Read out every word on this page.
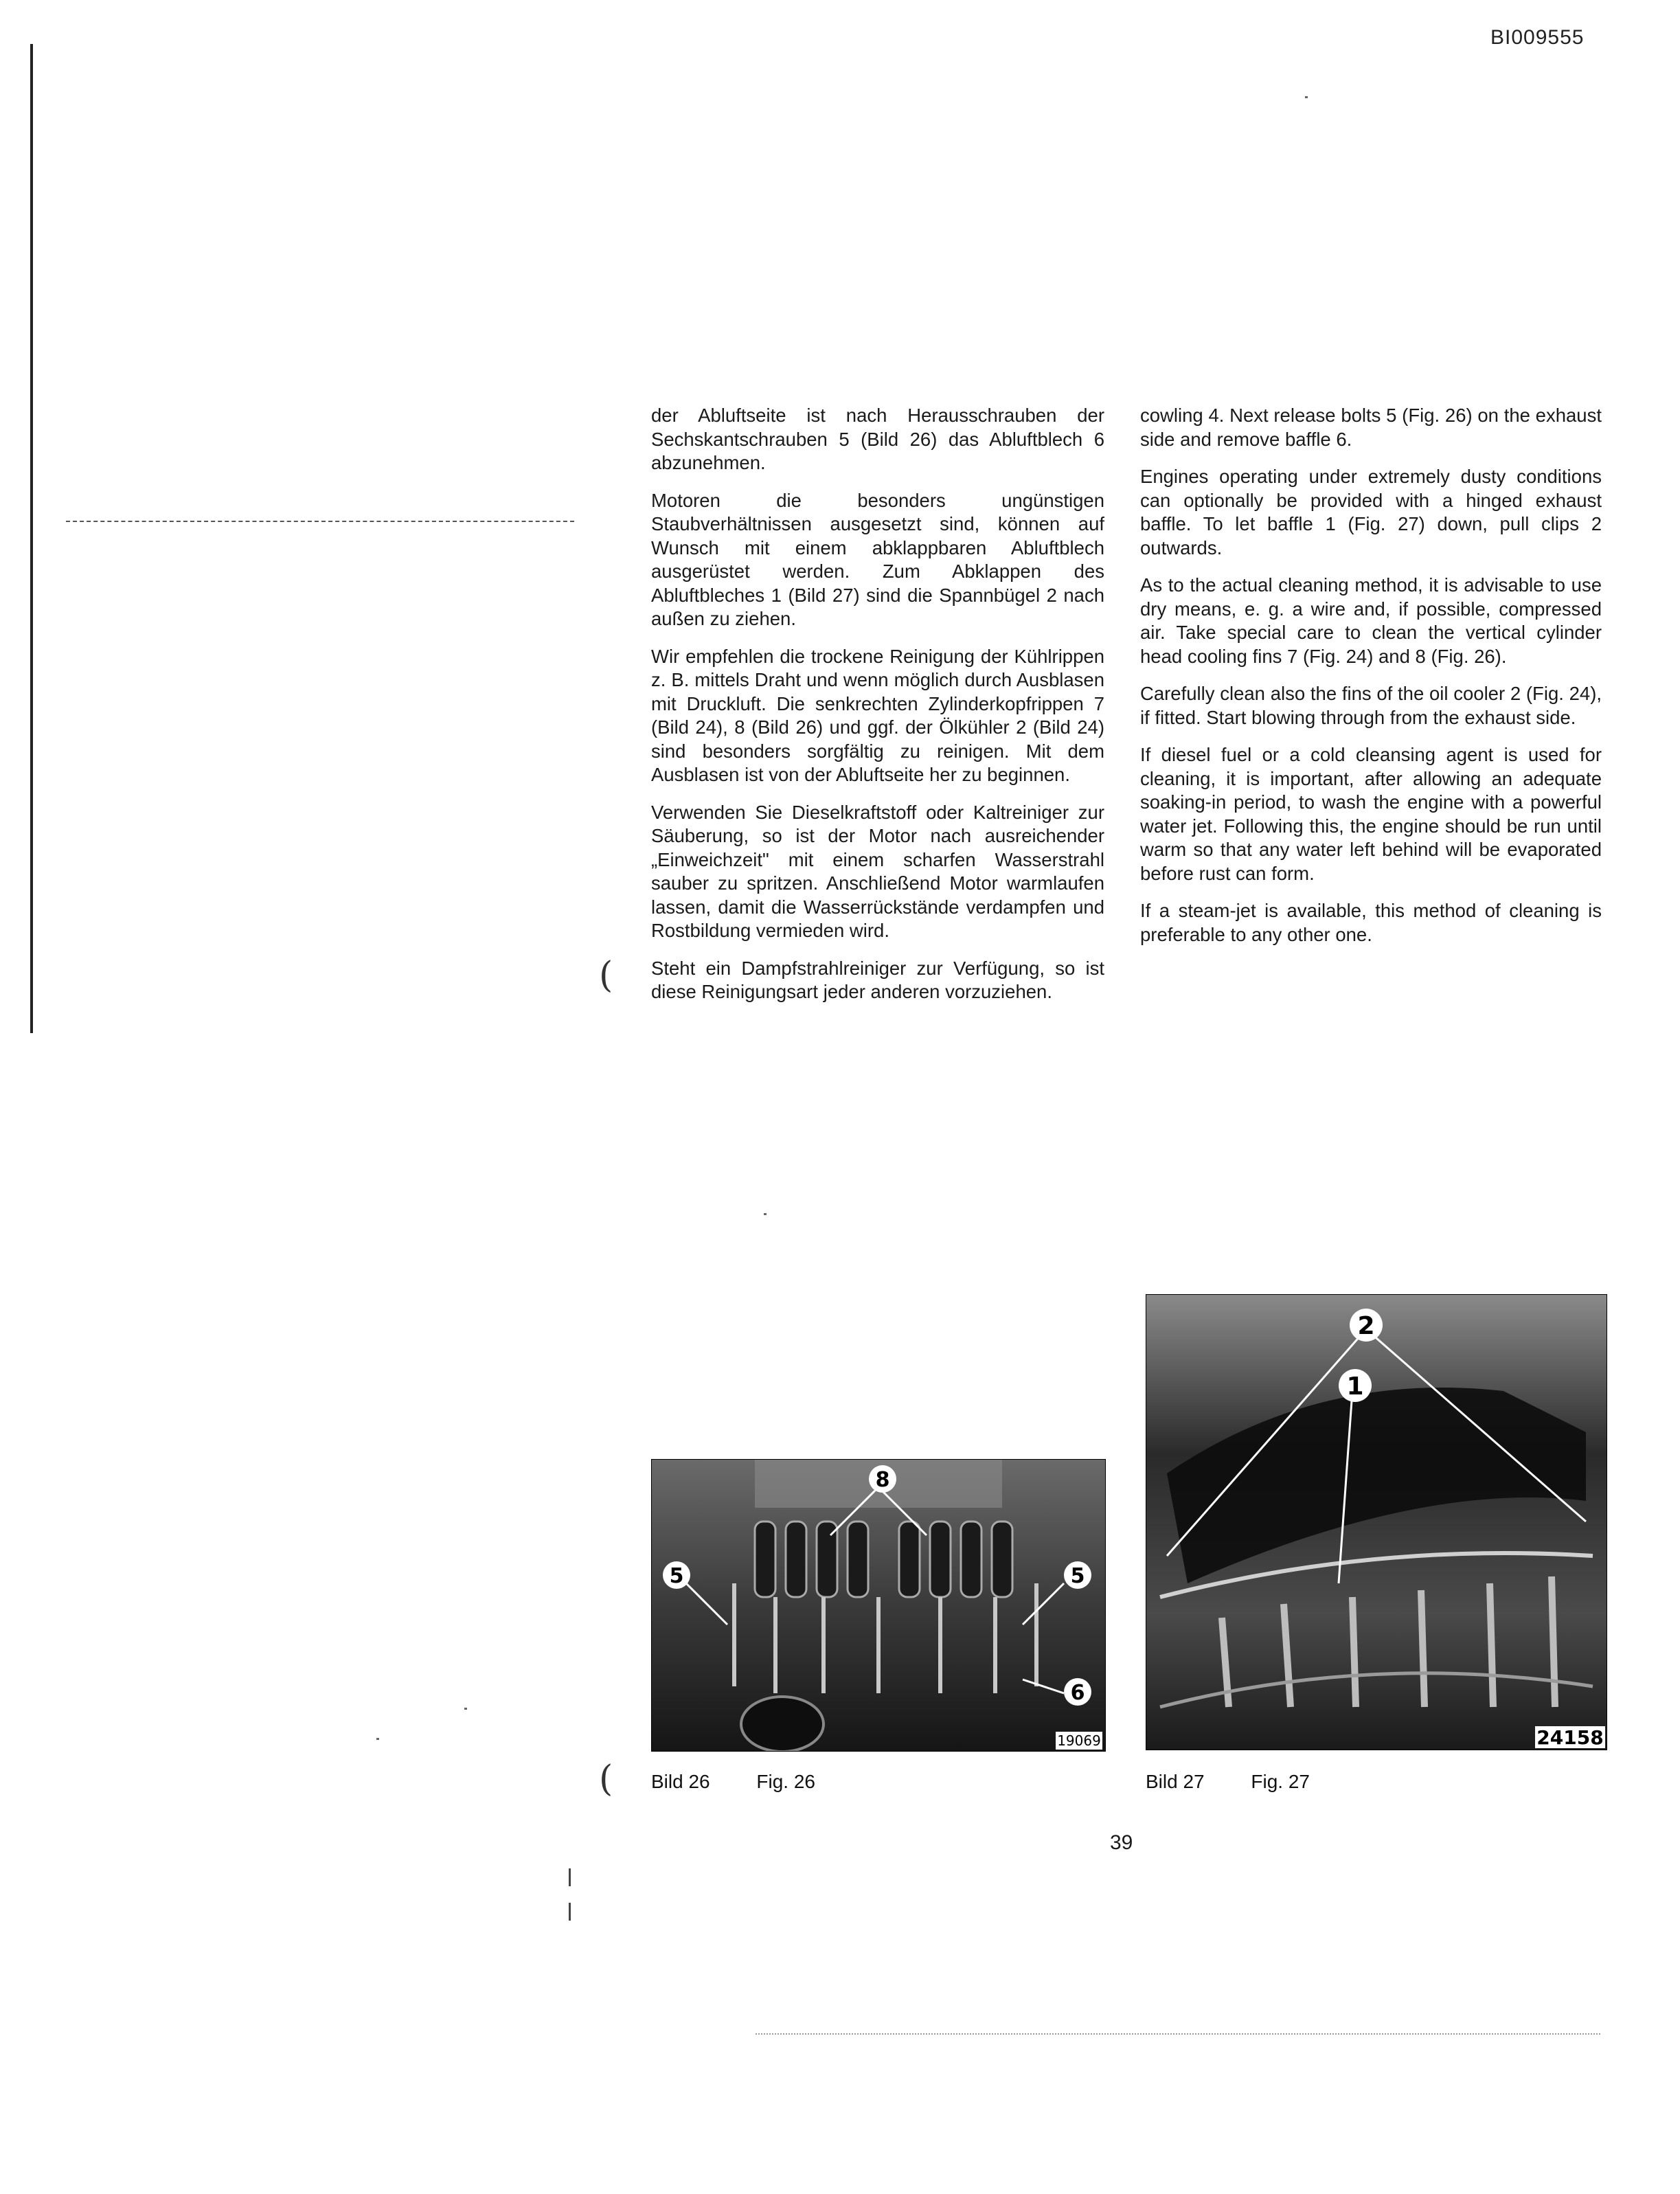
BI009555

der Abluftseite ist nach Herausschrauben der Sechskantschrauben 5 (Bild 26) das Abluftblech 6 abzunehmen.

Motoren die besonders ungünstigen Staubverhältnissen ausgesetzt sind, können auf Wunsch mit einem abklappbaren Abluftblech ausgerüstet werden. Zum Abklappen des Abluftbleches 1 (Bild 27) sind die Spannbügel 2 nach außen zu ziehen.

Wir empfehlen die trockene Reinigung der Kühlrippen z. B. mittels Draht und wenn möglich durch Ausblasen mit Druckluft. Die senkrechten Zylinderkopfrippen 7 (Bild 24), 8 (Bild 26) und ggf. der Ölkühler 2 (Bild 24) sind besonders sorgfältig zu reinigen. Mit dem Ausblasen ist von der Abluftseite her zu beginnen.

Verwenden Sie Dieselkraftstoff oder Kaltreiniger zur Säuberung, so ist der Motor nach ausreichender „Einweichzeit" mit einem scharfen Wasserstrahl sauber zu spritzen. Anschließend Motor warmlaufen lassen, damit die Wasserrückstände verdampfen und Rostbildung vermieden wird.

Steht ein Dampfstrahlreiniger zur Verfügung, so ist diese Reinigungsart jeder anderen vorzuziehen.

cowling 4. Next release bolts 5 (Fig. 26) on the exhaust side and remove baffle 6.

Engines operating under extremely dusty conditions can optionally be provided with a hinged exhaust baffle. To let baffle 1 (Fig. 27) down, pull clips 2 outwards.

As to the actual cleaning method, it is advisable to use dry means, e. g. a wire and, if possible, compressed air. Take special care to clean the vertical cylinder head cooling fins 7 (Fig. 24) and 8 (Fig. 26).

Carefully clean also the fins of the oil cooler 2 (Fig. 24), if fitted. Start blowing through from the exhaust side.

If diesel fuel or a cold cleansing agent is used for cleaning, it is important, after allowing an adequate soaking-in period, to wash the engine with a powerful water jet. Following this, the engine should be run until warm so that any water left behind will be evaporated before rust can form.

If a steam-jet is available, this method of cleaning is preferable to any other one.

8
5	5
6
19069
2
1
24158
Bild 26 Fig. 26	Bild 27 Fig. 27
39
(
(
